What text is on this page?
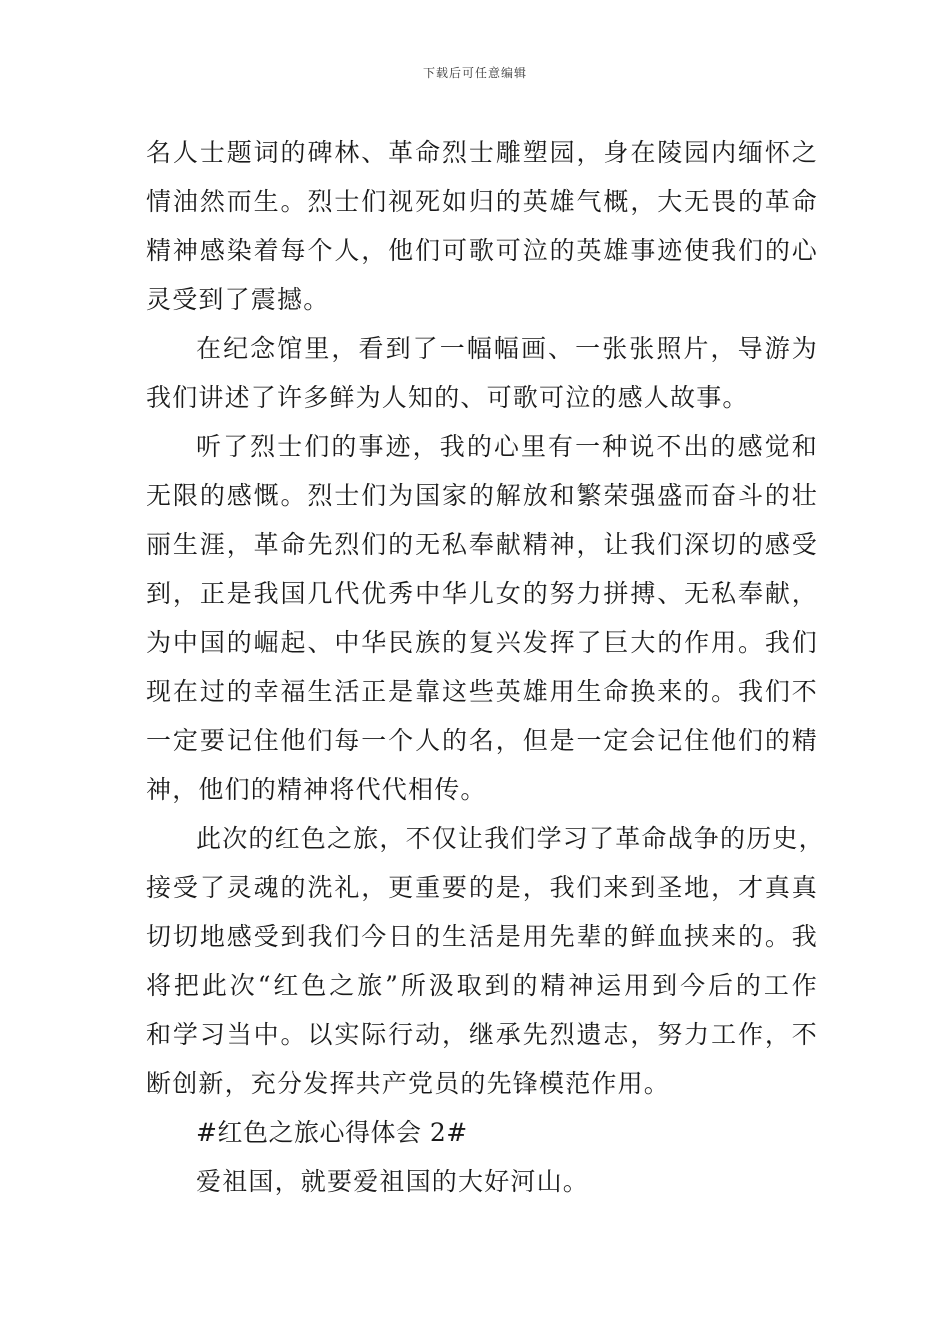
下载后可任意编辑
名人士题词的碑林、革命烈士雕塑园，身在陵园内缅怀之
情油然而生。烈士们视死如归的英雄气概，大无畏的革命
精神感染着每个人，他们可歌可泣的英雄事迹使我们的心
灵受到了震撼。
在纪念馆里，看到了一幅幅画、一张张照片，导游为
我们讲述了许多鲜为人知的、可歌可泣的感人故事。
听了烈士们的事迹，我的心里有一种说不出的感觉和
无限的感慨。烈士们为国家的解放和繁荣强盛而奋斗的壮
丽生涯，革命先烈们的无私奉献精神，让我们深切的感受
到，正是我国几代优秀中华儿女的努力拼搏、无私奉献，
为中国的崛起、中华民族的复兴发挥了巨大的作用。我们
现在过的幸福生活正是靠这些英雄用生命换来的。我们不
一定要记住他们每一个人的名，但是一定会记住他们的精
神，他们的精神将代代相传。
此次的红色之旅，不仅让我们学习了革命战争的历史，
接受了灵魂的洗礼，更重要的是，我们来到圣地，才真真
切切地感受到我们今日的生活是用先辈的鲜血挟来的。我
将把此次“红色之旅”所汲取到的精神运用到今后的工作
和学习当中。以实际行动，继承先烈遗志，努力工作，不
断创新，充分发挥共产党员的先锋模范作用。
#红色之旅心得体会 2#
爱祖国，就要爱祖国的大好河山。
